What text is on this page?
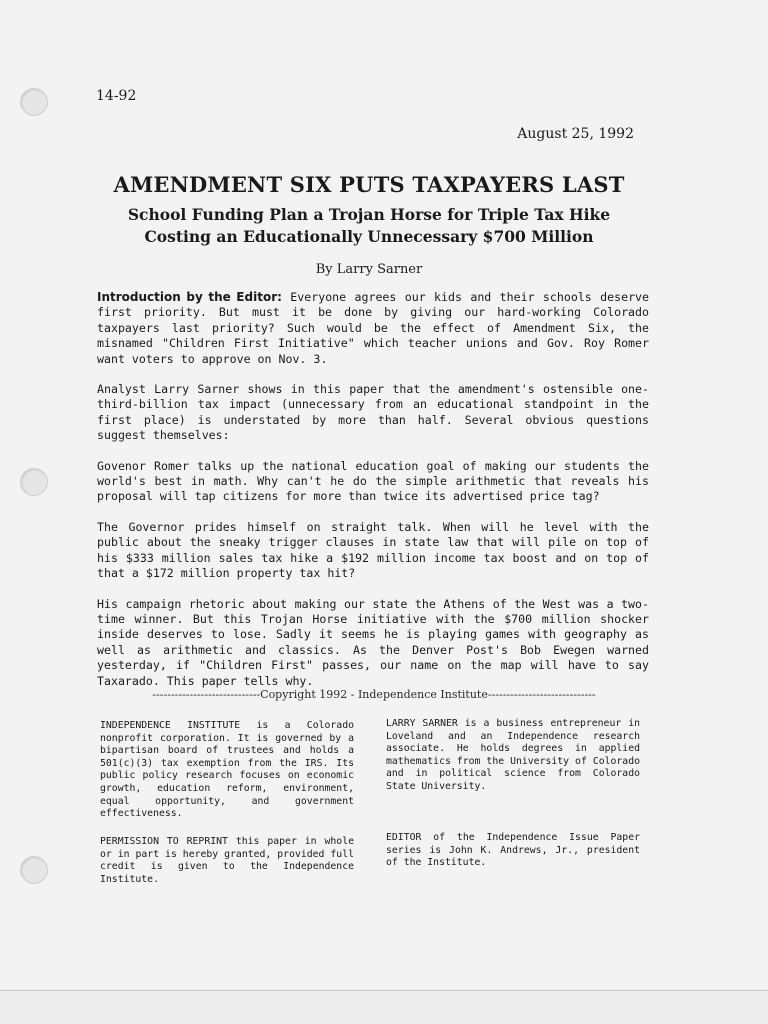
14-92
August 25, 1992
AMENDMENT SIX PUTS TAXPAYERS LAST
School Funding Plan a Trojan Horse for Triple Tax Hike
Costing an Educationally Unnecessary $700 Million
By Larry Sarner

Introduction by the Editor: Everyone agrees our kids and their schools deserve first priority. But must it be done by giving our hard-working Colorado taxpayers last priority? Such would be the effect of Amendment Six, the misnamed "Children First Initiative" which teacher unions and Gov. Roy Romer want voters to approve on Nov. 3.

Analyst Larry Sarner shows in this paper that the amendment's ostensible one-third-billion tax impact (unnecessary from an educational standpoint in the first place) is understated by more than half. Several obvious questions suggest themselves:

Govenor Romer talks up the national education goal of making our students the world's best in math. Why can't he do the simple arithmetic that reveals his proposal will tap citizens for more than twice its advertised price tag?

The Governor prides himself on straight talk. When will he level with the public about the sneaky trigger clauses in state law that will pile on top of his $333 million sales tax hike a $192 million income tax boost and on top of that a $172 million property tax hit?

His campaign rhetoric about making our state the Athens of the West was a two-time winner. But this Trojan Horse initiative with the $700 million shocker inside deserves to lose. Sadly it seems he is playing games with geography as well as arithmetic and classics. As the Denver Post's Bob Ewegen warned yesterday, if "Children First" passes, our name on the map will have to say Taxarado. This paper tells why.

-----------------------------Copyright 1992 - Independence Institute-----------------------------

INDEPENDENCE INSTITUTE is a Colorado nonprofit corporation. It is governed by a bipartisan board of trustees and holds a 501(c)(3) tax exemption from the IRS. Its public policy research focuses on economic growth, education reform, environment, equal opportunity, and government effectiveness.

PERMISSION TO REPRINT this paper in whole or in part is hereby granted, provided full credit is given to the Independence Institute.

LARRY SARNER is a business entrepreneur in Loveland and an Independence research associate. He holds degrees in applied mathematics from the University of Colorado and in political science from Colorado State University.

EDITOR of the Independence Issue Paper series is John K. Andrews, Jr., president of the Institute.
